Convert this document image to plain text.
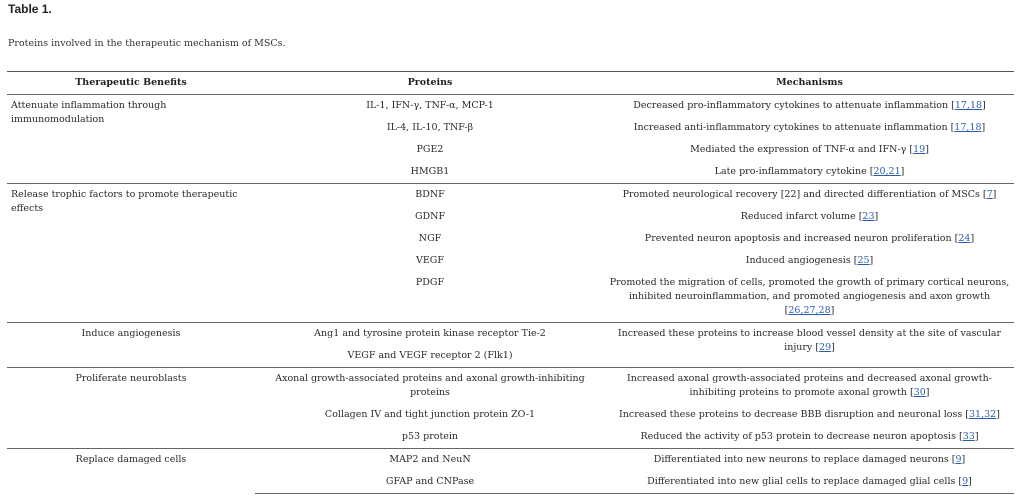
Table 1.
Proteins involved in the therapeutic mechanism of MSCs.
Therapeutic Benefits	Proteins	Mechanisms
Attenuate inflammation through immunomodulation	IL-1, IFN-γ, TNF-α, MCP-1	Decreased pro-inflammatory cytokines to attenuate inflammation [17,18]
	IL-4, IL-10, TNF-β	Increased anti-inflammatory cytokines to attenuate inflammation [17,18]
	PGE2	Mediated the expression of TNF-α and IFN-γ [19]
	HMGB1	Late pro-inflammatory cytokine [20,21]
Release trophic factors to promote therapeutic effects	BDNF	Promoted neurological recovery [22] and directed differentiation of MSCs [7]
	GDNF	Reduced infarct volume [23]
	NGF	Prevented neuron apoptosis and increased neuron proliferation [24]
	VEGF	Induced angiogenesis [25]
	PDGF	Promoted the migration of cells, promoted the growth of primary cortical neurons, inhibited neuroinflammation, and promoted angiogenesis and axon growth [26,27,28]
Induce angiogenesis	Ang1 and tyrosine protein kinase receptor Tie-2	Increased these proteins to increase blood vessel density at the site of vascular injury [29]
	VEGF and VEGF receptor 2 (Flk1)	
Proliferate neuroblasts	Axonal growth-associated proteins and axonal growth-inhibiting proteins	Increased axonal growth-associated proteins and decreased axonal growth-inhibiting proteins to promote axonal growth [30]
	Collagen IV and tight junction protein ZO-1	Increased these proteins to decrease BBB disruption and neuronal loss [31,32]
	p53 protein	Reduced the activity of p53 protein to decrease neuron apoptosis [33]
Replace damaged cells	MAP2 and NeuN	Differentiated into new neurons to replace damaged neurons [9]
	GFAP and CNPase	Differentiated into new glial cells to replace damaged glial cells [9]
